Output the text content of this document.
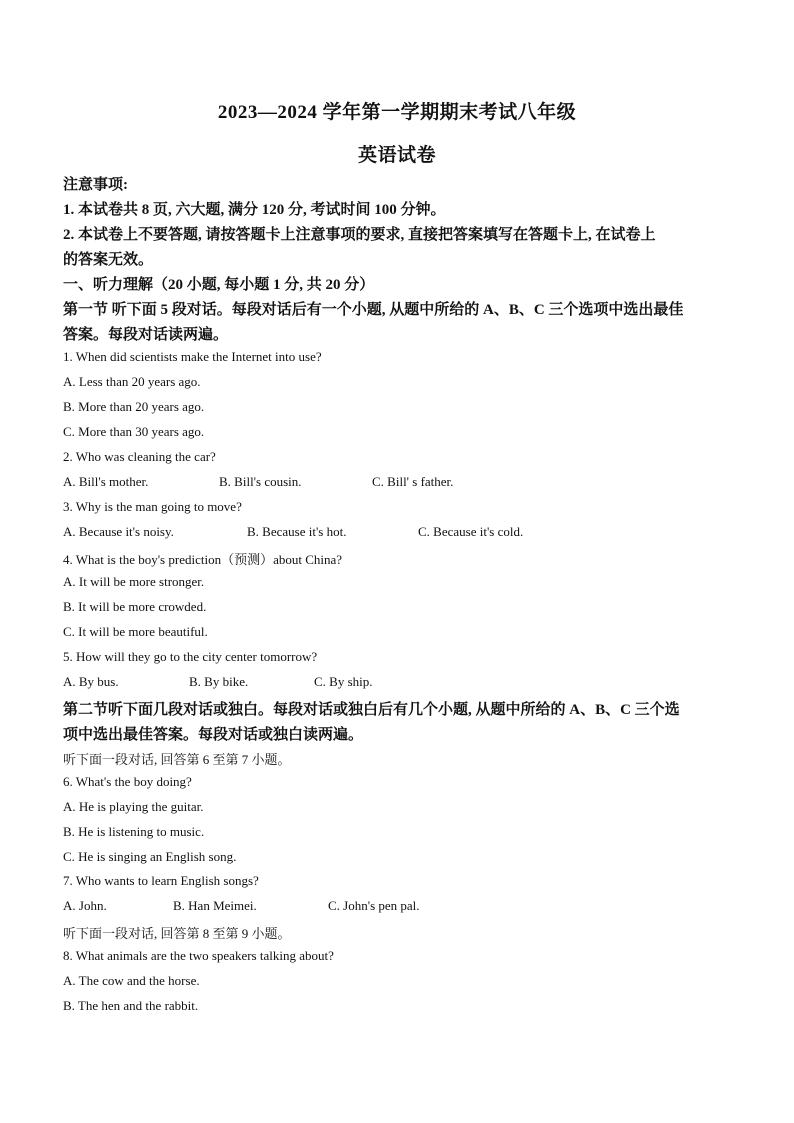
2023—2024 学年第一学期期末考试八年级
英语试卷
注意事项:
1. 本试卷共 8 页, 六大题, 满分 120 分, 考试时间 100 分钟。
2. 本试卷上不要答题, 请按答题卡上注意事项的要求, 直接把答案填写在答题卡上, 在试卷上
的答案无效。
一、听力理解（20 小题, 每小题 1 分, 共 20 分）
第一节 听下面 5 段对话。每段对话后有一个小题, 从题中所给的 A、B、C 三个选项中选出最佳
答案。每段对话读两遍。
1. When did scientists make the Internet into use?
A. Less than 20 years ago.
B. More than 20 years ago.
C. More than 30 years ago.
2. Who was cleaning the car?
A. Bill's mother.	B. Bill's cousin.	C. Bill' s father.
3. Why is the man going to move?
A. Because it's noisy.	B. Because it's hot.	C. Because it's cold.
4. What is the boy's prediction（预测）about China?
A. It will be more stronger.
B. It will be more crowded.
C. It will be more beautiful.
5. How will they go to the city center tomorrow?
A. By bus.	B. By bike.	C. By ship.
第二节听下面几段对话或独白。每段对话或独白后有几个小题, 从题中所给的 A、B、C 三个选
项中选出最佳答案。每段对话或独白读两遍。
听下面一段对话, 回答第 6 至第 7 小题。
6. What's the boy doing?
A. He is playing the guitar.
B. He is listening to music.
C. He is singing an English song.
7. Who wants to learn English songs?
A. John.	B. Han Meimei.	C. John's pen pal.
听下面一段对话, 回答第 8 至第 9 小题。
8. What animals are the two speakers talking about?
A. The cow and the horse.
B. The hen and the rabbit.
